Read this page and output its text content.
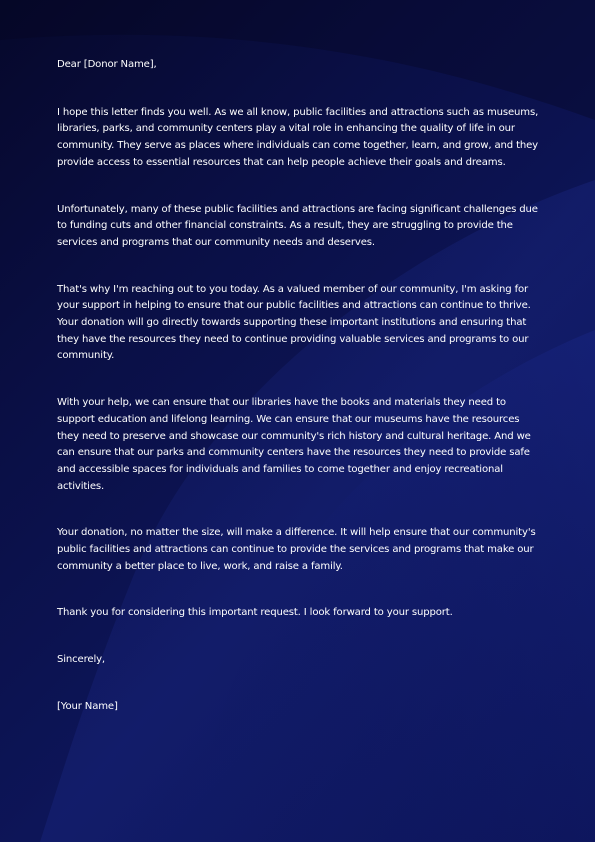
Dear [Donor Name],

I hope this letter finds you well. As we all know, public facilities and attractions such as museums, libraries, parks, and community centers play a vital role in enhancing the quality of life in our community. They serve as places where individuals can come together, learn, and grow, and they provide access to essential resources that can help people achieve their goals and dreams.

Unfortunately, many of these public facilities and attractions are facing significant challenges due to funding cuts and other financial constraints. As a result, they are struggling to provide the services and programs that our community needs and deserves.

That's why I'm reaching out to you today. As a valued member of our community, I'm asking for your support in helping to ensure that our public facilities and attractions can continue to thrive. Your donation will go directly towards supporting these important institutions and ensuring that they have the resources they need to continue providing valuable services and programs to our community.

With your help, we can ensure that our libraries have the books and materials they need to support education and lifelong learning. We can ensure that our museums have the resources they need to preserve and showcase our community's rich history and cultural heritage. And we can ensure that our parks and community centers have the resources they need to provide safe and accessible spaces for individuals and families to come together and enjoy recreational activities.

Your donation, no matter the size, will make a difference. It will help ensure that our community's public facilities and attractions can continue to provide the services and programs that make our community a better place to live, work, and raise a family.

Thank you for considering this important request. I look forward to your support.

Sincerely,

[Your Name]
